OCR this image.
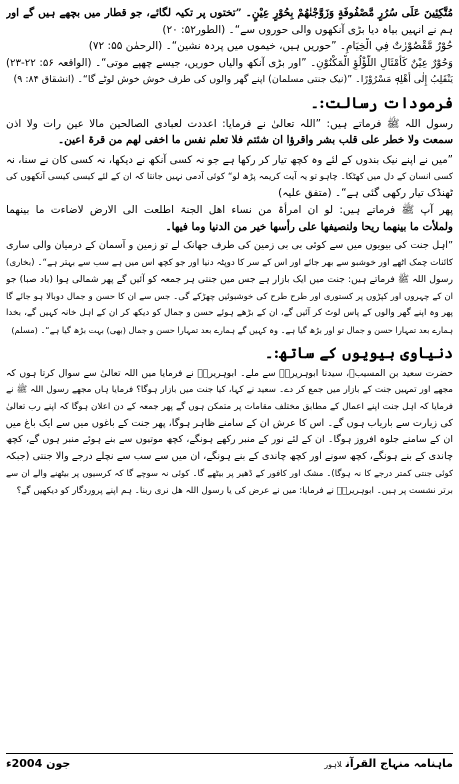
مُتَّكِئِينَ عَلَى سُرُرٍ مَّصْفُوفَةٍ وَزَوَّجْنٰهُمْ بِحُوْرٍ عِيْنٍ۔ ”تختوں پر تکیہ لگائے، جو قطار میں بچھے ہیں گے اور
ہم نے انہیں بیاہ دیا بڑی آنکھوں والی حوروں سے“۔ (الطور۵۲: ۲۰)
حُوْرٌ مَّقْصُوْرٰتٌ فِي الْخِيَامِ۔ ”حوریں ہیں، خیموں میں پردہ نشین“۔ (الرحمٰن ۵۵: ۷۲)
وَحُوْرٌ عِيْنٌ كَأَمْثَالِ اللُّؤْلُؤِ الْمَكْنُوْنِ۔ ”اور بڑی آنکھ والیاں حوریں، جیسے چھپے موتی“۔ (الواقعہ ۵۶: ۲۲-۲۳)
يَنْقَلِبُ إِلٰى أَهْلِهٖ مَسْرُوْرًا۔ ”(نیک جنتی مسلمان) اپنے گھر والوں کی طرف خوش خوش لوٹے گا“۔ (انشقاق ۸۴: ۹)
فرمودات رسالت:۔
رسول اللہ ﷺ فرماتے ہیں: ”اللہ تعالیٰ نے فرمایا: اعددت لعبادی الصالحین مالا عین رات ولا اذن
سمعت ولا خطر علی قلب بشر واقرؤا ان شئتم فلا تعلم نفس ما اخفی لھم من قرۃ اعین۔
”میں نے اپنے نیک بندوں کے لئے وہ کچھ تیار کر رکھا ہے جو نہ کسی آنکھ نے دیکھا، نہ کسی کان نے سنا، نہ
کسی انسان کے دل میں کھٹکا۔ چاہو تو یہ آیت کریمہ پڑھ لو“ کوئی آدمی نہیں جانتا کہ ان کے لئے کیسی کیسی آنکھوں کی
ٹھنڈک تیار رکھی گئی ہے“۔ (متفق علیہ)
پھر آپ ﷺ فرماتے ہیں: لو ان امرأۃ من نساء اھل الجنۃ اطلعت الی الارض لاضاءت ما بینھما
ولملأت ما بینھما ریحا ولنصیفھا علی رأسھا خیر من الدنیا وما فیھا۔
”اہل جنت کی بیویوں میں سے کوئی بی بی زمین کی طرف جھانک لے تو زمین و آسمان کے درمیان والی ساری
کائنات چمک اٹھے اور خوشبو سے بھر جائے اور اس کے سر کا دوپٹہ دنیا اور جو کچھ اس میں ہے سب سے بہتر ہے“۔ (بخاری)
رسول اللہ ﷺ فرماتے ہیں: جنت میں ایک بازار ہے جس میں جنتی ہر جمعہ کو آئیں گے پھر شمالی ہوا (باد صبا) جو
ان کے چہروں اور کپڑوں پر کستوری اور طرح طرح کی خوشبوئیں چھڑکے گی۔ جس سے ان کا حسن و جمال دوبالا ہو جائے گا
پھر وہ اپنے گھر والوں کے پاس لوٹ کر آئیں گے، ان کے بڑھے ہوئے حسن و جمال کو دیکھ کر ان کے اہل خانہ کہیں گے، بخدا
ہمارے بعد تمہارا حسن و جمال تو اور بڑھ گیا ہے۔ وہ کہیں گے ہمارے بعد تمہارا حسن و جمال (بھی) بہت بڑھ گیا ہے“۔ (مسلم)
دنیاوی بیویوں کے ساتھ:۔
حضرت سعید بن المسیبؓ، سیدنا ابوہریرہؓ سے ملے۔ ابوہریرہؓ نے فرمایا میں اللہ تعالیٰ سے سوال کرتا ہوں کہ
مجھے اور تمہیں جنت کے بازار میں جمع کر دے۔ سعید نے کہا، کیا جنت میں بازار ہوگا؟ فرمایا ہاں مجھے رسول اللہ ﷺ نے
فرمایا کہ اہل جنت اپنے اعمال کے مطابق مختلف مقامات پر متمکن ہوں گے پھر جمعہ کے دن اعلان ہوگا کہ اپنے رب تعالیٰ
کی زیارت سے باریاب ہوں گے۔ اس کا عرش ان کے سامنے ظاہر ہوگا، پھر جنت کے باغوں میں سے ایک باغ میں
ان کے سامنے جلوہ افروز ہوگا۔ ان کے لئے نور کے منبر رکھے ہونگے، کچھ موتیوں سے بنے ہوئے منبر ہوں گے، کچھ
چاندی کے بنے ہونگے، کچھ سونے اور کچھ چاندی کے بنے ہونگے، ان میں سے سب سے نچلے درجے والا جنتی (جبکہ
کوئی جنتی کمتر درجے کا نہ ہوگا)۔ مشک اور کافور کے ڈھیر پر بیٹھے گا۔ کوئی نہ سوچے گا کہ کرسیوں پر بیٹھنے والے ان سے
برتر نشست پر ہیں۔ ابوہریرہؓ نے فرمایا: میں نے عرض کی یا رسول اللہ ھل نری ربنا۔ ہم اپنے پروردگار کو دیکھیں گے؟
ماہنامہ منہاج القرآنلاہور
جون 2004ء
